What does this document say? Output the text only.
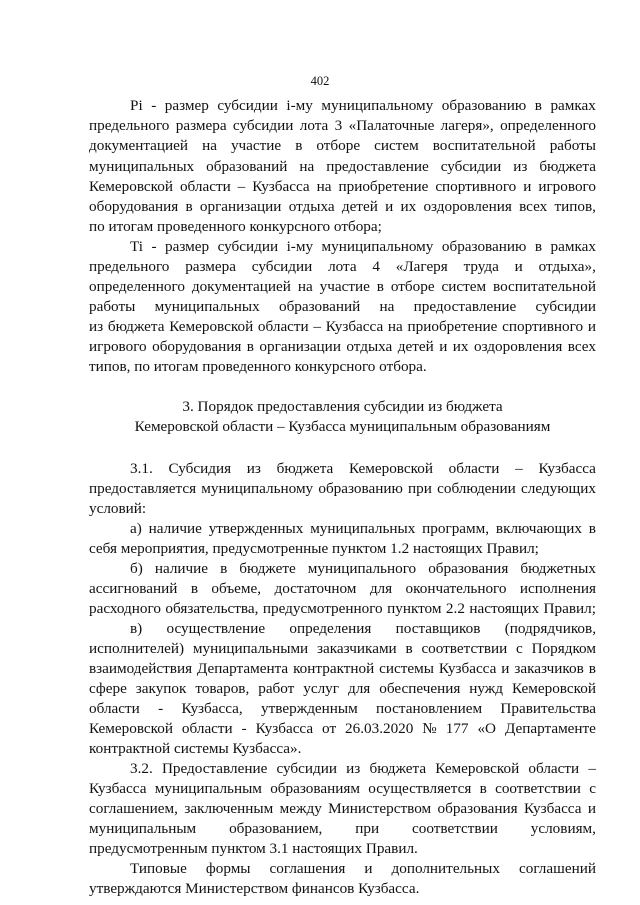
402
Pi - размер субсидии i-му муниципальному образованию в рамках
предельного размера субсидии лота 3 «Палаточные лагеря», определенного
документацией на участие в отборе систем воспитательной работы
муниципальных образований на предоставление субсидии из бюджета
Кемеровской области – Кузбасса на приобретение спортивного и игрового
оборудования в организации отдыха детей и их оздоровления всех типов,
по итогам проведенного конкурсного отбора;
Ti - размер субсидии i-му муниципальному образованию в рамках
предельного размера субсидии лота 4 «Лагеря труда и отдыха»,
определенного документацией на участие в отборе систем воспитательной
работы муниципальных образований на предоставление субсидии
из бюджета Кемеровской области – Кузбасса на приобретение спортивного и
игрового оборудования в организации отдыха детей и их оздоровления всех
типов, по итогам проведенного конкурсного отбора.
3. Порядок предоставления субсидии из бюджета
Кемеровской области – Кузбасса муниципальным образованиям
3.1. Субсидия из бюджета Кемеровской области – Кузбасса
предоставляется муниципальному образованию при соблюдении следующих
условий:
а) наличие утвержденных муниципальных программ, включающих в
себя мероприятия, предусмотренные пунктом 1.2 настоящих Правил;
б) наличие в бюджете муниципального образования бюджетных
ассигнований в объеме, достаточном для окончательного исполнения
расходного обязательства, предусмотренного пунктом 2.2 настоящих Правил;
в) осуществление определения поставщиков (подрядчиков,
исполнителей) муниципальными заказчиками в соответствии с Порядком
взаимодействия Департамента контрактной системы Кузбасса и заказчиков в
сфере закупок товаров, работ услуг для обеспечения нужд Кемеровской
области - Кузбасса, утвержденным постановлением Правительства
Кемеровской области - Кузбасса от 26.03.2020 № 177 «О Департаменте
контрактной системы Кузбасса».
3.2. Предоставление субсидии из бюджета Кемеровской области –
Кузбасса муниципальным образованиям осуществляется в соответствии с
соглашением, заключенным между Министерством образования Кузбасса и
муниципальным образованием, при соответствии условиям,
предусмотренным пунктом 3.1 настоящих Правил.
Типовые формы соглашения и дополнительных соглашений
утверждаются Министерством финансов Кузбасса.
